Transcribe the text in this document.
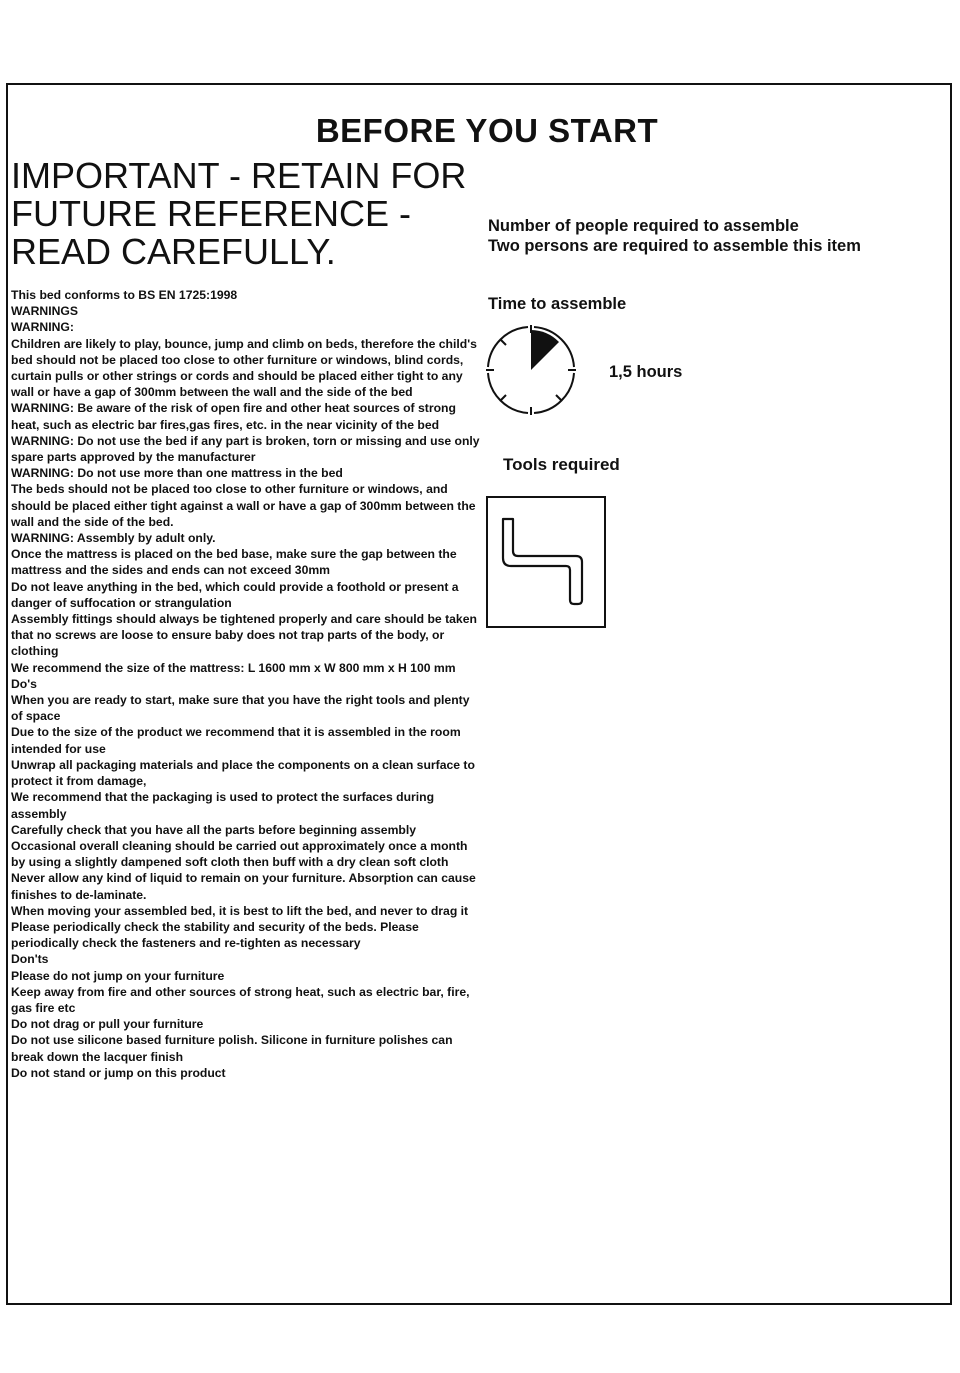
BEFORE YOU START
IMPORTANT - RETAIN FOR FUTURE REFERENCE - READ CAREFULLY.
This bed conforms to BS EN 1725:1998
WARNINGS
WARNING:
Children are likely to play, bounce, jump and climb on beds, therefore the child's bed should not be placed too close to other furniture or windows, blind cords, curtain pulls or other strings or cords and should be placed either tight to any wall or have a gap of 300mm between the wall and the side of the bed
WARNING: Be aware of the risk of open fire and other heat sources of strong heat, such as electric bar fires,gas fires, etc. in the near vicinity of the bed
WARNING: Do not use the bed if any part is broken, torn or missing and use only spare parts approved by the manufacturer
WARNING: Do not use more than one mattress in the bed
The beds should not be placed too close to other furniture or windows, and should be placed either tight against a wall or have a gap of 300mm between the wall and the side of the bed.
WARNING: Assembly by adult only.
Once the mattress is placed on the bed base, make sure the gap between the mattress and the sides and ends can not exceed 30mm
Do not leave anything in the bed, which could provide a foothold or present a danger of suffocation or strangulation
Assembly fittings should always be tightened properly and care should be taken that no screws are loose to ensure baby does not trap parts of the body, or clothing
We recommend the size of the mattress: L 1600 mm x W 800 mm x H 100 mm
Do's
When you are ready to start, make sure that you have the right tools and plenty of space
Due to the size of the product we recommend that it is assembled in the room intended for use
Unwrap all packaging materials and place the components on a clean surface to protect it from damage,
We recommend that the packaging is used to protect the surfaces during assembly
Carefully check that you have all the parts before beginning assembly
Occasional overall cleaning should be carried out approximately once a month by using a slightly dampened soft cloth then buff with a dry clean soft cloth
Never allow any kind of liquid to remain on your furniture. Absorption can cause finishes to de-laminate.
When moving your assembled bed, it is best to lift the bed, and never to drag it
Please periodically check the stability and security of the beds. Please periodically check the fasteners and re-tighten as necessary
Don'ts
Please do not jump on your furniture
Keep away from fire and other sources of strong heat, such as electric bar, fire, gas fire etc
Do not drag or pull your furniture
Do not use silicone based furniture polish. Silicone in furniture polishes can break down the lacquer finish
Do not stand or jump on this product
Number of people required to assemble
Two persons are required to assemble this item
Time to assemble
1,5 hours
Tools required
